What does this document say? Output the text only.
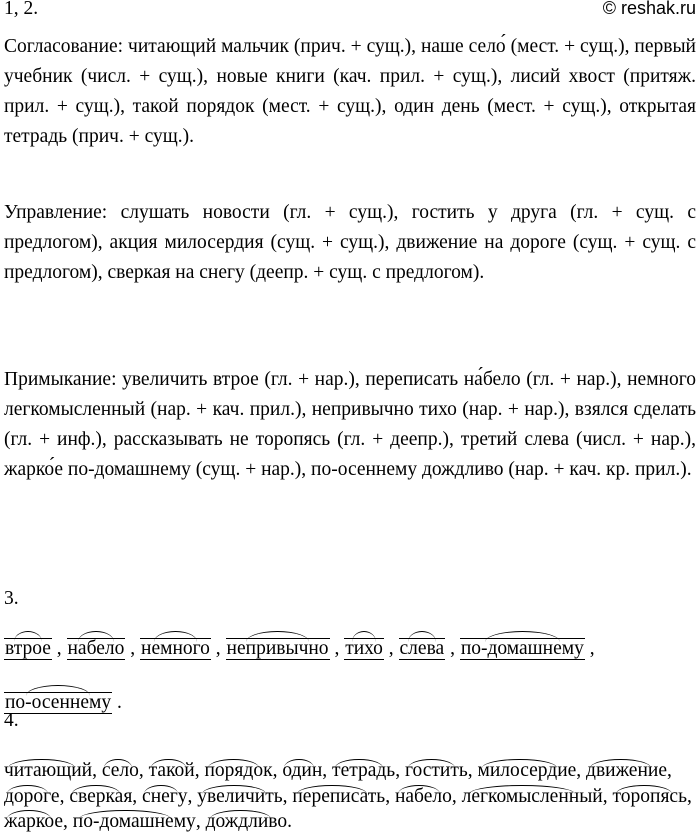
1, 2.	© reshak.ru
Согласование: читающий мальчик (прич. + сущ.), наше село́ (мест. + сущ.), первый учебник (числ. + сущ.), новые книги (кач. прил. + сущ.), лисий хвост (притяж. прил. + сущ.), такой порядок (мест. + сущ.), один день (мест. + сущ.), открытая тетрадь (прич. + сущ.).
Управление: слушать новости (гл. + сущ.), гостить у друга (гл. + сущ. с предлогом), акция милосердия (сущ. + сущ.), движение на дороге (сущ. + сущ. с предлогом), сверкая на снегу (деепр. + сущ. с предлогом).
Примыкание: увеличить втрое (гл. + нар.), переписать на́бело (гл. + нар.), немного легкомысленный (нар. + кач. прил.), непривычно тихо (нар. + нар.), взялся сделать (гл. + инф.), рассказывать не торопясь (гл. + деепр.), третий слева (числ. + нар.), жарко́е по-домашнему (сущ. + нар.), по-осеннему дождливо (нар. + кач. кр. прил.).
3.
втрое , набело , немного , непривычно , тихо , слева , по-домашнему , по-осеннему .
4.
читающий, село, такой, порядок, один, тетрадь, гостить, милосердие, движение, дороге, сверкая, снегу, увеличить, переписать, набело, легкомысленный, торопясь, жаркое, по-домашнему, дождливо.
